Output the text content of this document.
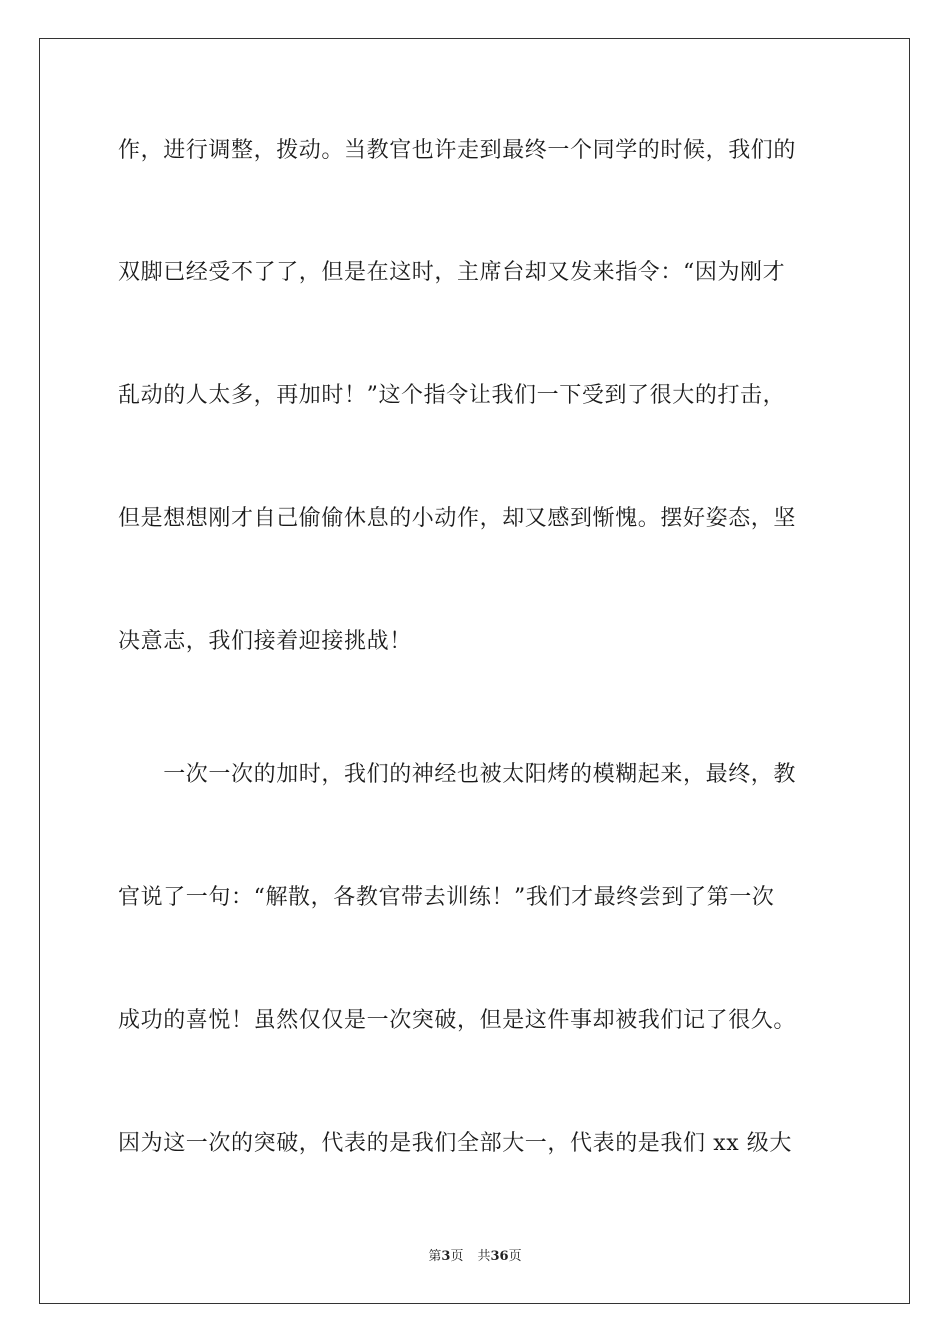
作，进行调整，拨动。当教官也许走到最终一个同学的时候，我们的
双脚已经受不了了，但是在这时，主席台却又发来指令：“因为刚才
乱动的人太多，再加时！”这个指令让我们一下受到了很大的打击，
但是想想刚才自己偷偷休息的小动作，却又感到惭愧。摆好姿态，坚
决意志，我们接着迎接挑战！
　　一次一次的加时，我们的神经也被太阳烤的模糊起来，最终，教
官说了一句：“解散，各教官带去训练！”我们才最终尝到了第一次
成功的喜悦！虽然仅仅是一次突破，但是这件事却被我们记了很久。
因为这一次的突破，代表的是我们全部大一，代表的是我们 xx 级大
第3页 共36页
